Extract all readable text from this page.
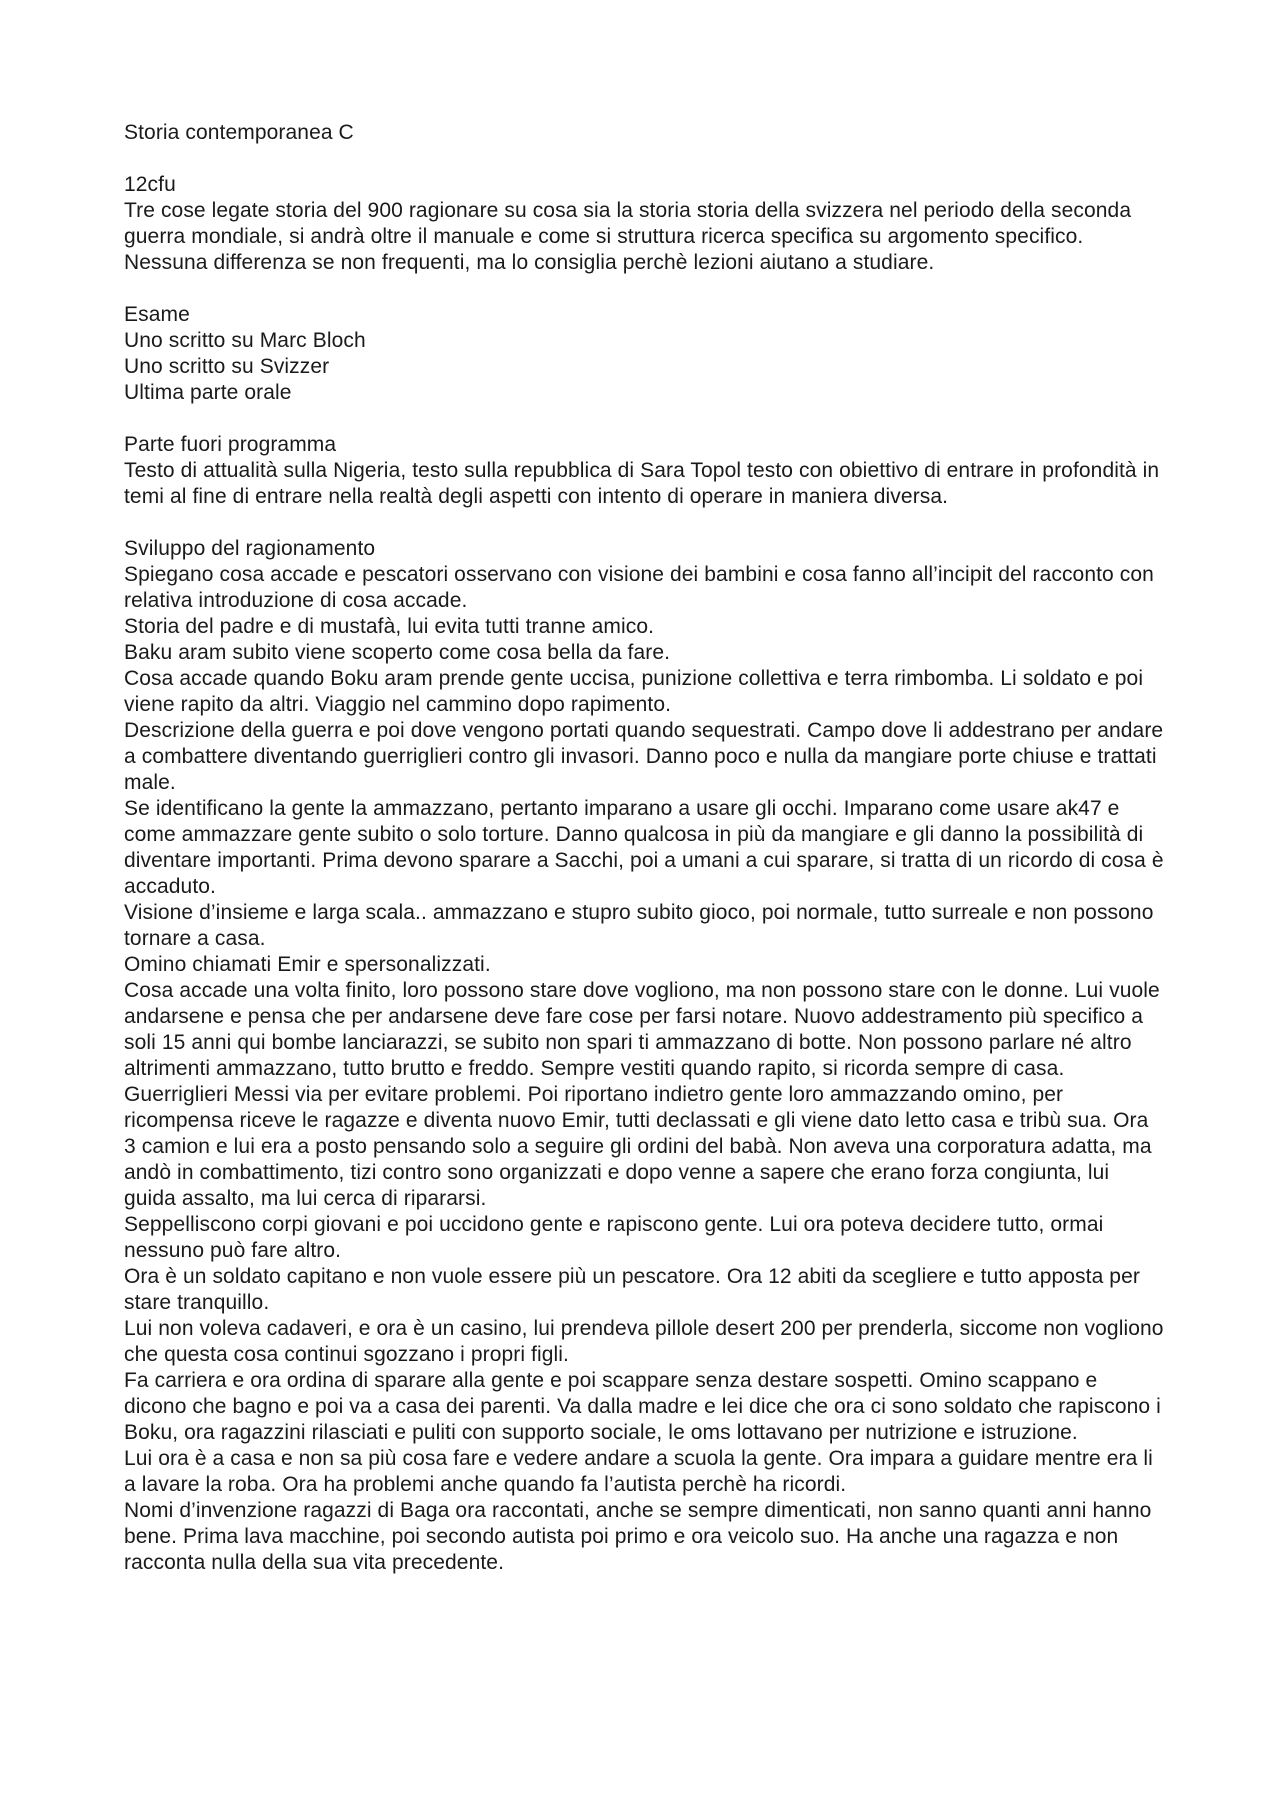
Storia contemporanea C

12cfu

Tre cose legate storia del 900 ragionare su cosa sia la storia storia della svizzera nel periodo della seconda guerra mondiale, si andrà oltre il manuale e come si struttura ricerca specifica su argomento specifico. Nessuna differenza se non frequenti, ma lo consiglia perchè lezioni aiutano a studiare.

Esame

Uno scritto su Marc Bloch

Uno scritto su Svizzer

Ultima parte orale

Parte fuori programma

Testo di attualità sulla Nigeria, testo sulla repubblica di Sara Topol testo con obiettivo di entrare in profondità in temi al fine di entrare nella realtà degli aspetti con intento di operare in maniera diversa.

Sviluppo del ragionamento

Spiegano cosa accade e pescatori osservano con visione dei bambini e cosa fanno all’incipit del racconto con relativa introduzione di cosa accade.

Storia del padre e di mustafà, lui evita tutti tranne amico.

Baku aram subito viene scoperto come cosa bella da fare.

Cosa accade quando Boku aram prende gente uccisa, punizione collettiva e terra rimbomba. Li soldato e poi viene rapito da altri. Viaggio nel cammino dopo rapimento.

Descrizione della guerra e poi dove vengono portati quando sequestrati. Campo dove li addestrano per andare a combattere diventando guerriglieri contro gli invasori. Danno poco e nulla da mangiare porte chiuse e trattati male.

Se identificano la gente la ammazzano, pertanto imparano a usare gli occhi. Imparano come usare ak47 e come ammazzare gente subito o solo torture. Danno qualcosa in più da mangiare e gli danno la possibilità di diventare importanti. Prima devono sparare a Sacchi, poi a umani a cui sparare, si tratta di un ricordo di cosa è accaduto.

Visione d’insieme e larga scala.. ammazzano e stupro subito gioco, poi normale, tutto surreale e non possono tornare a casa.

Omino chiamati Emir e spersonalizzati.

Cosa accade una volta finito, loro possono stare dove vogliono, ma non possono stare con le donne. Lui vuole andarsene e pensa che per andarsene deve fare cose per farsi notare. Nuovo addestramento più specifico a soli 15 anni qui bombe lanciarazzi, se subito non spari ti ammazzano di botte. Non possono parlare né altro altrimenti ammazzano, tutto brutto e freddo. Sempre vestiti quando rapito, si ricorda sempre di casa. Guerriglieri Messi via per evitare problemi. Poi riportano indietro gente loro ammazzando omino, per ricompensa riceve le ragazze e diventa nuovo Emir, tutti declassati e gli viene dato letto casa e tribù sua. Ora 3 camion e lui era a posto pensando solo a seguire gli ordini del babà. Non aveva una corporatura adatta, ma andò in combattimento, tizi contro sono organizzati e dopo venne a sapere che erano forza congiunta, lui guida assalto, ma lui cerca di ripararsi.

Seppelliscono corpi giovani e poi uccidono gente e rapiscono gente. Lui ora poteva decidere tutto, ormai nessuno può fare altro.

Ora è un soldato capitano e non vuole essere più un pescatore. Ora 12 abiti da scegliere e tutto apposta per stare tranquillo.

Lui non voleva cadaveri, e ora è un casino, lui prendeva pillole desert 200 per prenderla, siccome non vogliono che questa cosa continui sgozzano i propri figli.

Fa carriera e ora ordina di sparare alla gente e poi scappare senza destare sospetti. Omino scappano e dicono che bagno e poi va a casa dei parenti. Va dalla madre e lei dice che ora ci sono soldato che rapiscono i Boku, ora ragazzini rilasciati e puliti con supporto sociale, le oms lottavano per nutrizione e istruzione.

Lui ora è a casa e non sa più cosa fare e vedere andare a scuola la gente. Ora impara a guidare mentre era li a lavare la roba. Ora ha problemi anche quando fa l’autista perchè ha ricordi.

Nomi d’invenzione ragazzi di Baga ora raccontati, anche se sempre dimenticati, non sanno quanti anni hanno bene. Prima lava macchine, poi secondo autista poi primo e ora veicolo suo. Ha anche una ragazza e non racconta nulla della sua vita precedente.
